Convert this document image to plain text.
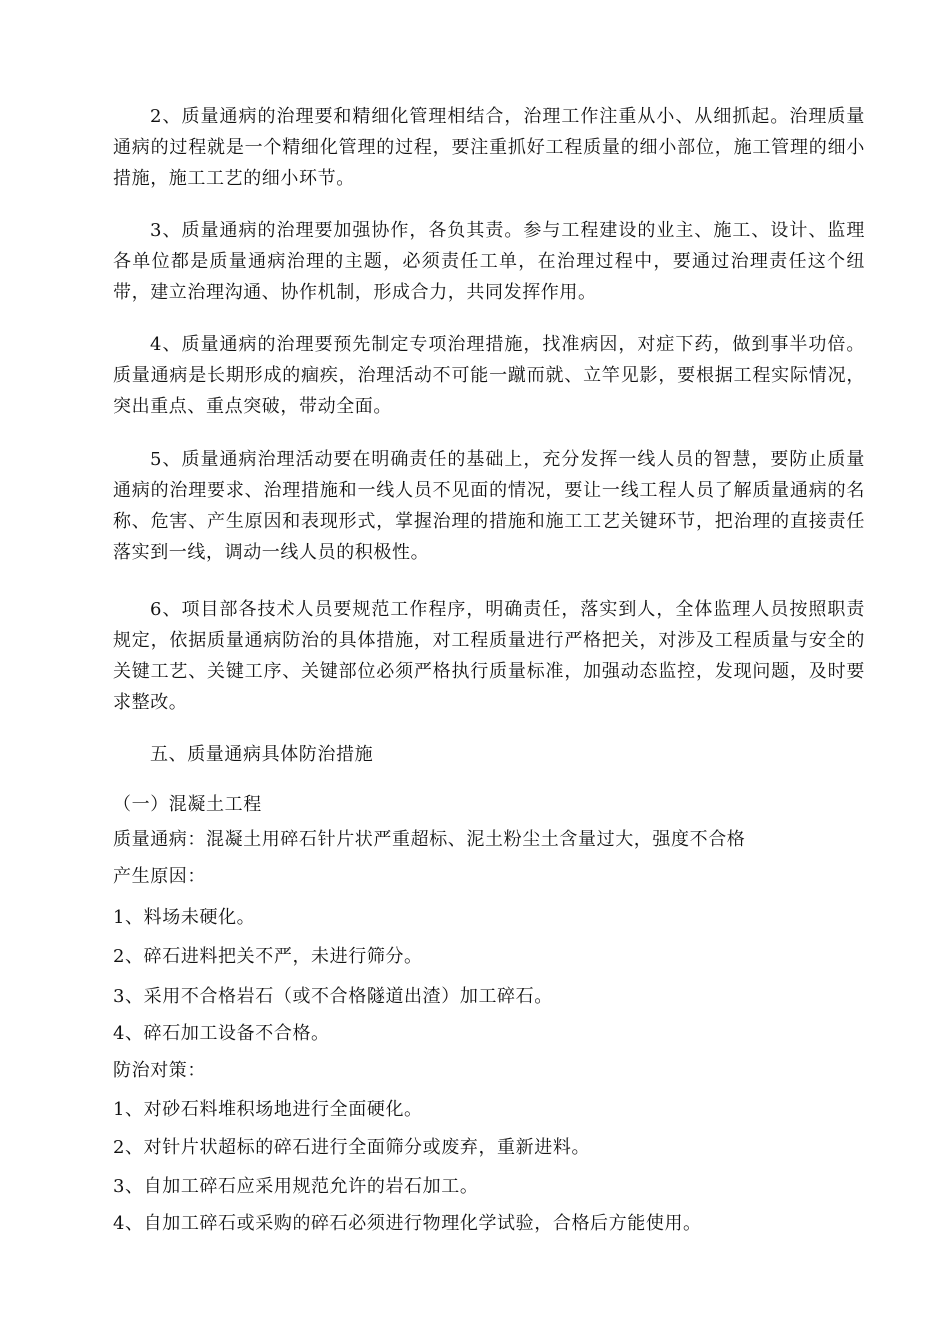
2、质量通病的治理要和精细化管理相结合，治理工作注重从小、从细抓起。治理质量通病的过程就是一个精细化管理的过程，要注重抓好工程质量的细小部位，施工管理的细小措施，施工工艺的细小环节。

3、质量通病的治理要加强协作，各负其责。参与工程建设的业主、施工、设计、监理各单位都是质量通病治理的主题，必须责任工单，在治理过程中，要通过治理责任这个纽带，建立治理沟通、协作机制，形成合力，共同发挥作用。

4、质量通病的治理要预先制定专项治理措施，找准病因，对症下药，做到事半功倍。质量通病是长期形成的痼疾，治理活动不可能一蹴而就、立竿见影，要根据工程实际情况，突出重点、重点突破，带动全面。

5、质量通病治理活动要在明确责任的基础上，充分发挥一线人员的智慧，要防止质量通病的治理要求、治理措施和一线人员不见面的情况，要让一线工程人员了解质量通病的名称、危害、产生原因和表现形式，掌握治理的措施和施工工艺关键环节，把治理的直接责任落实到一线，调动一线人员的积极性。

6、项目部各技术人员要规范工作程序，明确责任，落实到人，全体监理人员按照职责规定，依据质量通病防治的具体措施，对工程质量进行严格把关，对涉及工程质量与安全的关键工艺、关键工序、关键部位必须严格执行质量标准，加强动态监控，发现问题，及时要求整改。

五、质量通病具体防治措施
（一）混凝土工程
质量通病：混凝土用碎石针片状严重超标、泥土粉尘土含量过大，强度不合格
产生原因：
1、料场未硬化。
2、碎石进料把关不严，未进行筛分。
3、采用不合格岩石（或不合格隧道出渣）加工碎石。
4、碎石加工设备不合格。
防治对策：
1、对砂石料堆积场地进行全面硬化。
2、对针片状超标的碎石进行全面筛分或废弃，重新进料。
3、自加工碎石应采用规范允许的岩石加工。
4、自加工碎石或采购的碎石必须进行物理化学试验，合格后方能使用。
